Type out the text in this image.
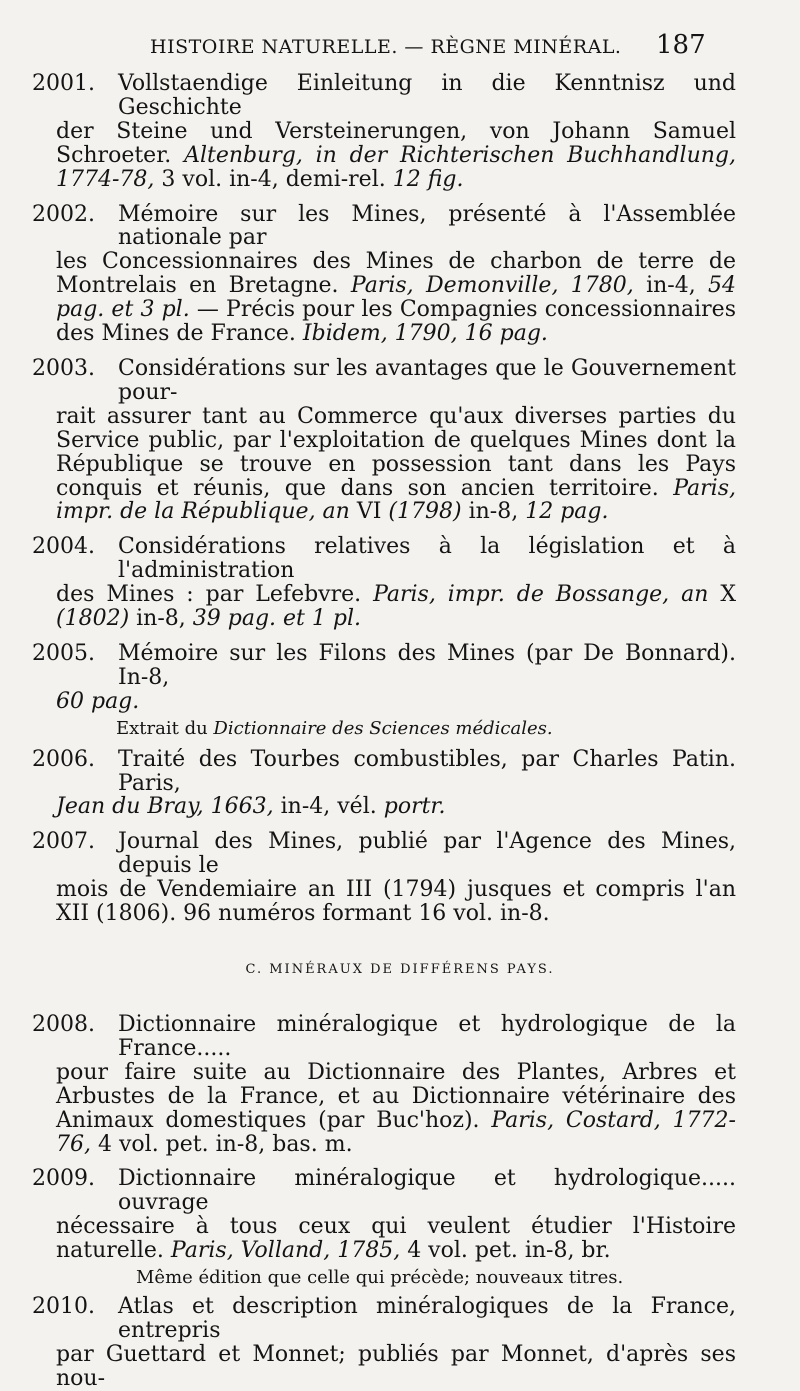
HISTOIRE NATURELLE. — RÈGNE MINÉRAL. 187
2001.	Vollstaendige Einleitung in die Kenntnisz und Geschichte
der Steine und Versteinerungen, von Johann Samuel Schroeter. Altenburg, in der Richterischen Buchhandlung, 1774-78, 3 vol. in-4, demi-rel. 12 fig.
2002.	Mémoire sur les Mines, présenté à l'Assemblée nationale par
les Concessionnaires des Mines de charbon de terre de Montrelais en Bretagne. Paris, Demonville, 1780, in-4, 54 pag. et 3 pl. — Précis pour les Compagnies concessionnaires des Mines de France. Ibidem, 1790, 16 pag.
2003.	Considérations sur les avantages que le Gouvernement pour-
rait assurer tant au Commerce qu'aux diverses parties du Service public, par l'exploitation de quelques Mines dont la République se trouve en possession tant dans les Pays conquis et réunis, que dans son ancien territoire. Paris, impr. de la République, an VI (1798) in-8, 12 pag.
2004.	Considérations relatives à la législation et à l'administration
des Mines : par Lefebvre. Paris, impr. de Bossange, an X (1802) in-8, 39 pag. et 1 pl.
2005.	Mémoire sur les Filons des Mines (par De Bonnard). In-8,
60 pag.
Extrait du Dictionnaire des Sciences médicales.
2006.	Traité des Tourbes combustibles, par Charles Patin. Paris,
Jean du Bray, 1663, in-4, vél. portr.
2007.	Journal des Mines, publié par l'Agence des Mines, depuis le
mois de Vendemiaire an III (1794) jusques et compris l'an XII (1806). 96 numéros formant 16 vol. in-8.
C. MINÉRAUX DE DIFFÉRENS PAYS.
2008.	Dictionnaire minéralogique et hydrologique de la France.....
pour faire suite au Dictionnaire des Plantes, Arbres et Arbustes de la France, et au Dictionnaire vétérinaire des Animaux domestiques (par Buc'hoz). Paris, Costard, 1772-76, 4 vol. pet. in-8, bas. m.
2009.	Dictionnaire minéralogique et hydrologique..... ouvrage
nécessaire à tous ceux qui veulent étudier l'Histoire naturelle. Paris, Volland, 1785, 4 vol. pet. in-8, br.
Même édition que celle qui précède; nouveaux titres.
2010.	Atlas et description minéralogiques de la France, entrepris
par Guettard et Monnet; publiés par Monnet, d'après ses nou-
